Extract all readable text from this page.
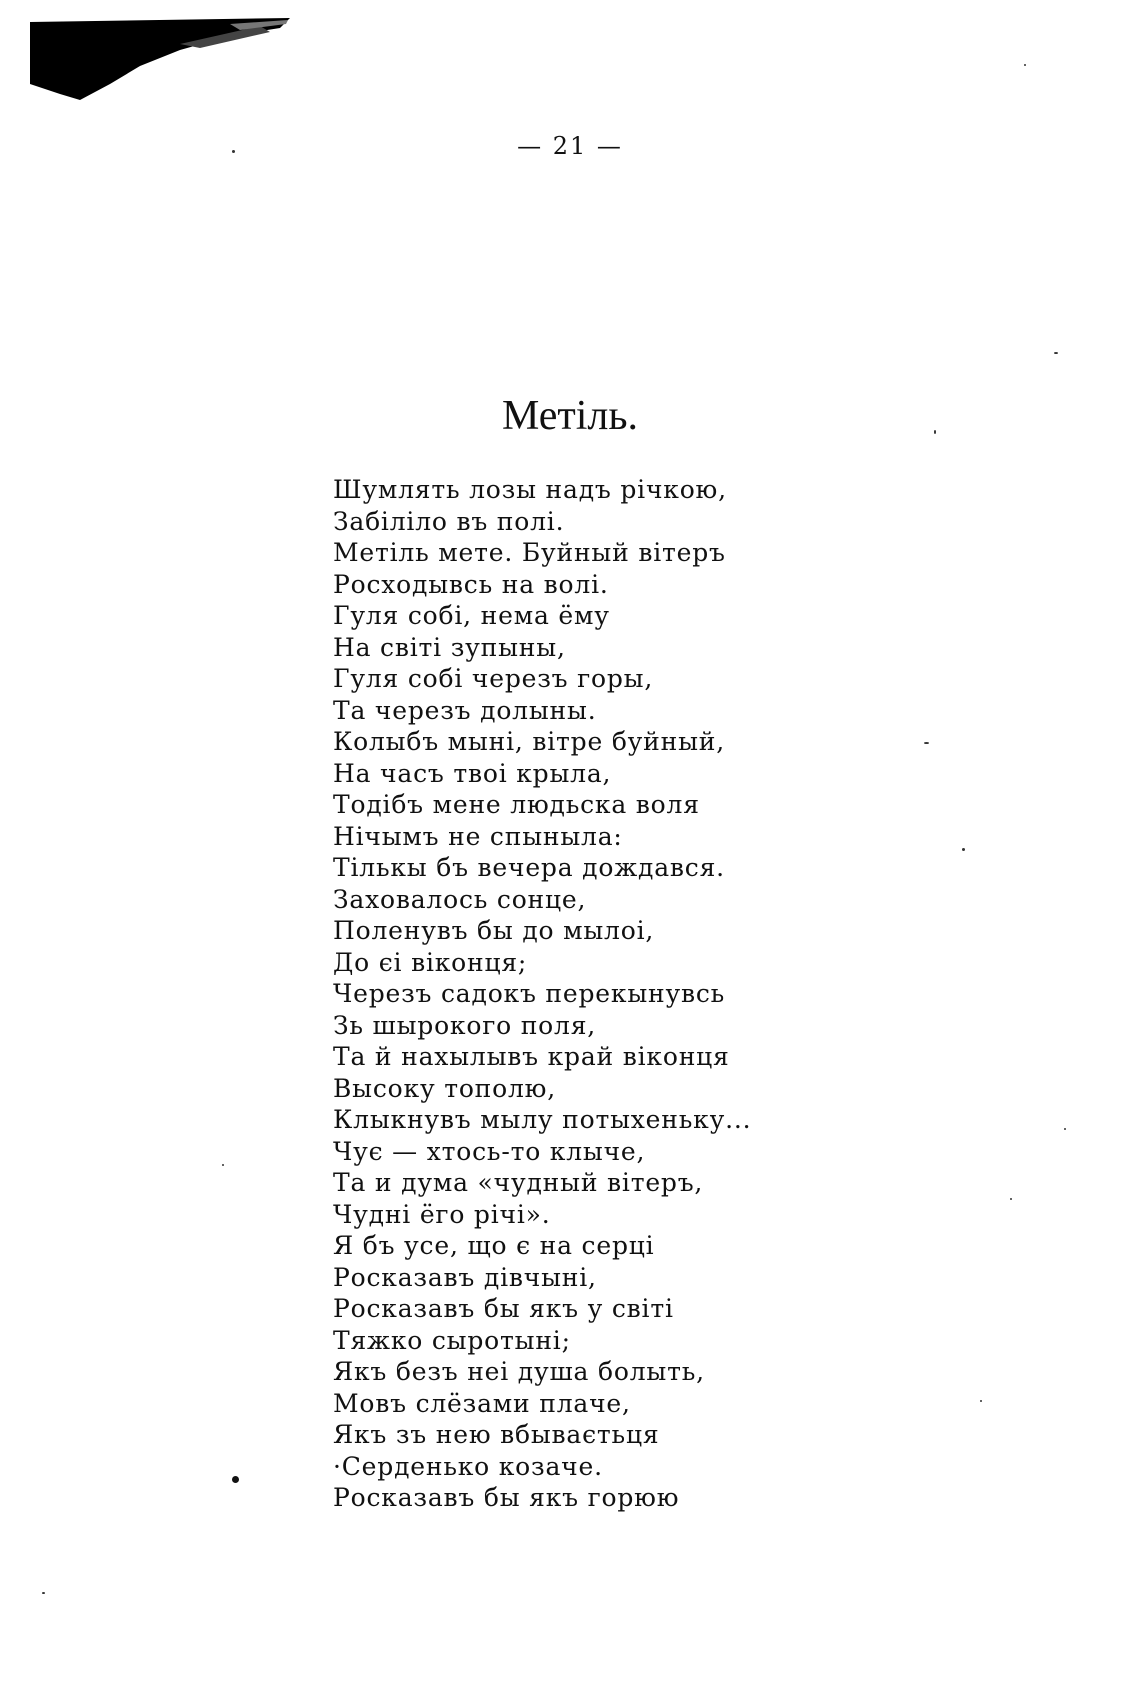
— 21 —
Метіль.
Шумлять лозы надъ річкою,
Забіліло въ полі.
Метіль мете. Буйный вітеръ
Росходывсь на волі.
Гуля собі, нема ёму
На світі зупыны,
Гуля собі черезъ горы,
Та черезъ долыны.
Колыбъ мыні, вітре буйный,
На часъ твоі крыла,
Тодібъ мене людьска воля
Нічымъ не спыныла:
Тількы бъ вечера дождався.
Заховалось сонце,
Поленувъ бы до мылоі,
До єі віконця;
Черезъ садокъ перекынувсь
Зь шырокого поля,
Та й нахылывъ край віконця
Высоку тополю,
Клыкнувъ мылу потыхеньку...
Чує — хтось-то клыче,
Та и дума «чудный вітеръ,
Чудні ёго річі».
Я бъ усе, що є на серці
Росказавъ дівчыні,
Росказавъ бы якъ у світі
Тяжко сыротыні;
Якъ безъ неі душа болыть,
Мовъ слёзами плаче,
Якъ зъ нею вбываєтьця
·Серденько козаче.
Росказавъ бы якъ горюю
